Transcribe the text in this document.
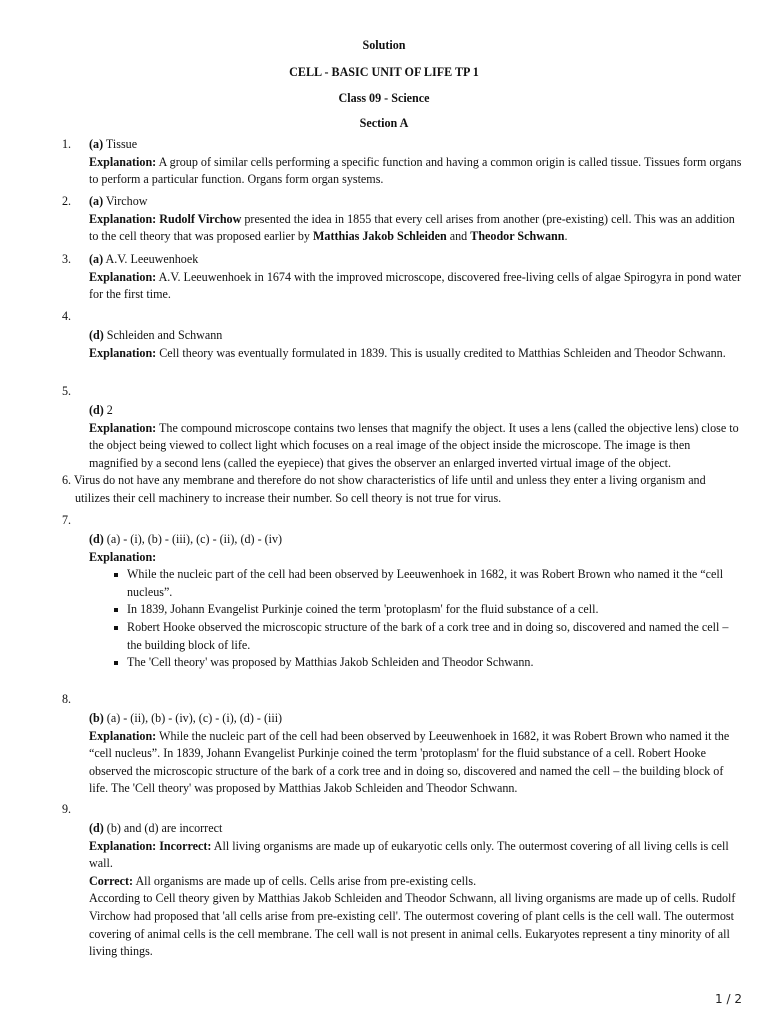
Solution
CELL - BASIC UNIT OF LIFE TP 1
Class 09 - Science
Section A
1. (a) Tissue
Explanation: A group of similar cells performing a specific function and having a common origin is called tissue. Tissues form organs to perform a particular function. Organs form organ systems.
2. (a) Virchow
Explanation: Rudolf Virchow presented the idea in 1855 that every cell arises from another (pre-existing) cell. This was an addition to the cell theory that was proposed earlier by Matthias Jakob Schleiden and Theodor Schwann.
3. (a) A.V. Leeuwenhoek
Explanation: A.V. Leeuwenhoek in 1674 with the improved microscope, discovered free-living cells of algae Spirogyra in pond water for the first time.
4.
(d) Schleiden and Schwann
Explanation: Cell theory was eventually formulated in 1839. This is usually credited to Matthias Schleiden and Theodor Schwann.
5.
(d) 2
Explanation: The compound microscope contains two lenses that magnify the object. It uses a lens (called the objective lens) close to the object being viewed to collect light which focuses on a real image of the object inside the microscope. The image is then magnified by a second lens (called the eyepiece) that gives the observer an enlarged inverted virtual image of the object.
6. Virus do not have any membrane and therefore do not show characteristics of life until and unless they enter a living organism and utilizes their cell machinery to increase their number. So cell theory is not true for virus.
7.
(d) (a) - (i), (b) - (iii), (c) - (ii), (d) - (iv)
Explanation:
While the nucleic part of the cell had been observed by Leeuwenhoek in 1682, it was Robert Brown who named it the “cell nucleus”.
In 1839, Johann Evangelist Purkinje coined the term 'protoplasm' for the fluid substance of a cell.
Robert Hooke observed the microscopic structure of the bark of a cork tree and in doing so, discovered and named the cell – the building block of life.
The 'Cell theory' was proposed by Matthias Jakob Schleiden and Theodor Schwann.
8.
(b) (a) - (ii), (b) - (iv), (c) - (i), (d) - (iii)
Explanation: While the nucleic part of the cell had been observed by Leeuwenhoek in 1682, it was Robert Brown who named it the “cell nucleus”. In 1839, Johann Evangelist Purkinje coined the term 'protoplasm' for the fluid substance of a cell. Robert Hooke observed the microscopic structure of the bark of a cork tree and in doing so, discovered and named the cell – the building block of life. The 'Cell theory' was proposed by Matthias Jakob Schleiden and Theodor Schwann.
9.
(d) (b) and (d) are incorrect
Explanation: Incorrect: All living organisms are made up of eukaryotic cells only. The outermost covering of all living cells is cell wall.
Correct: All organisms are made up of cells. Cells arise from pre-existing cells.
According to Cell theory given by Matthias Jakob Schleiden and Theodor Schwann, all living organisms are made up of cells. Rudolf Virchow had proposed that 'all cells arise from pre-existing cell'. The outermost covering of plant cells is the cell wall. The outermost covering of animal cells is the cell membrane. The cell wall is not present in animal cells. Eukaryotes represent a tiny minority of all living things.
1 / 2
